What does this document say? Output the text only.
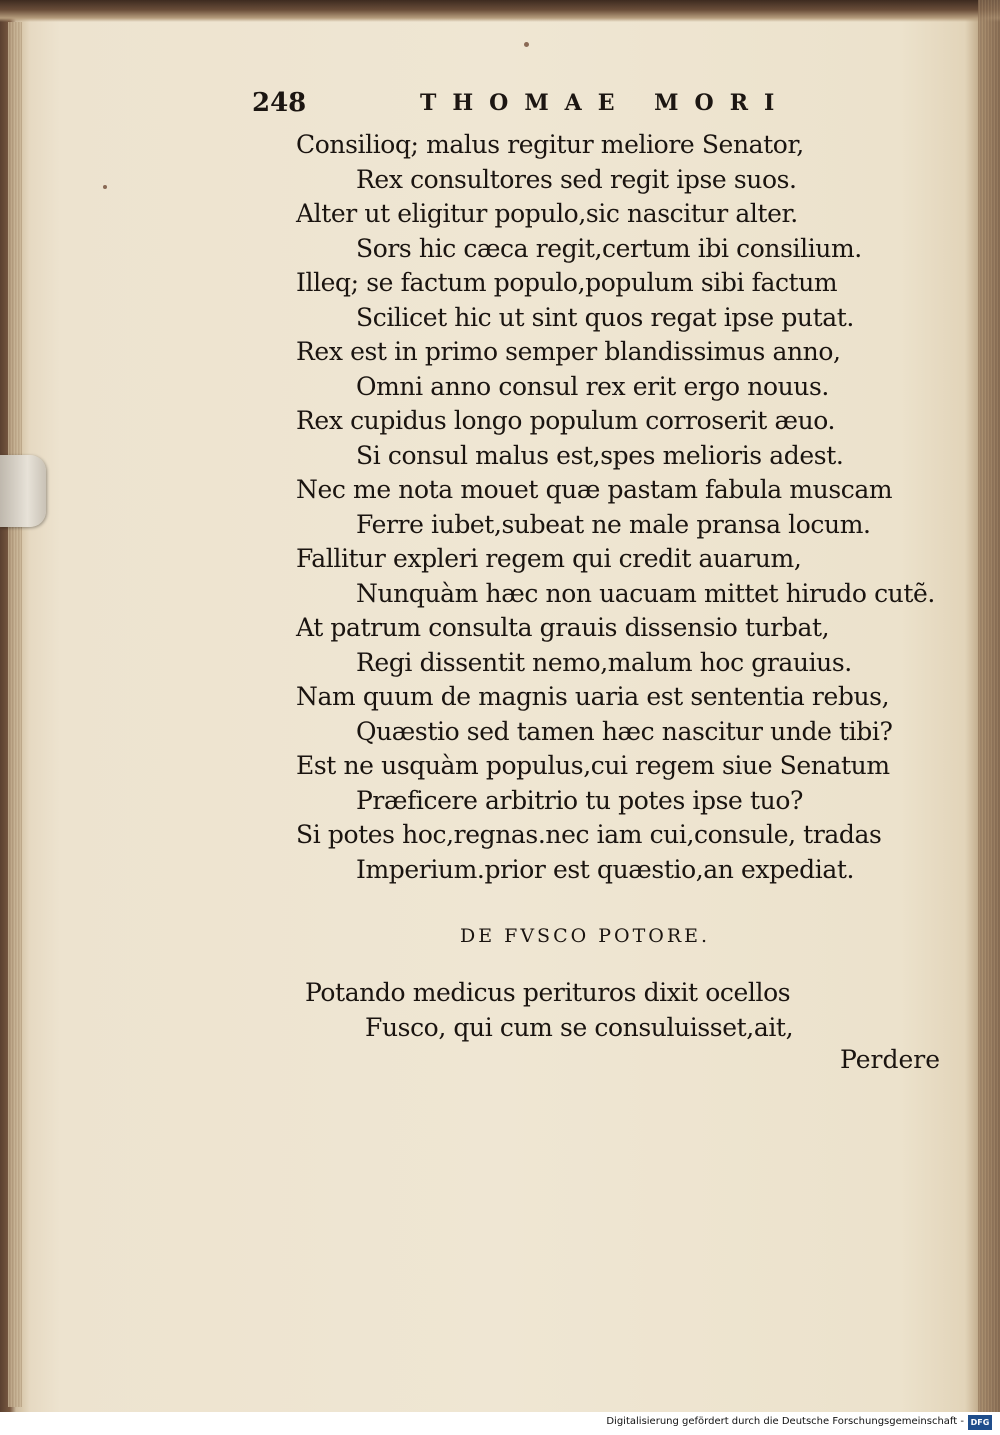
248	THOMAE MORI
Consilioq; malus regitur meliore Senator,
Rex consultores sed regit ipse suos.
Alter ut eligitur populo,sic nascitur alter.
Sors hic cæca regit,certum ibi consilium.
Illeq; se factum populo,populum sibi factum
Scilicet hic ut sint quos regat ipse putat.
Rex est in primo semper blandissimus anno,
Omni anno consul rex erit ergo nouus.
Rex cupidus longo populum corroserit æuo.
Si consul malus est,spes melioris adest.
Nec me nota mouet quæ pastam fabula muscam
Ferre iubet,subeat ne male pransa locum.
Fallitur expleri regem qui credit auarum,
Nunquàm hæc non uacuam mittet hirudo cutẽ.
At patrum consulta grauis dissensio turbat,
Regi dissentit nemo,malum hoc grauius.
Nam quum de magnis uaria est sententia rebus,
Quæstio sed tamen hæc nascitur unde tibi?
Est ne usquàm populus,cui regem siue Senatum
Præficere arbitrio tu potes ipse tuo?
Si potes hoc,regnas.nec iam cui,consule, tradas
Imperium.prior est quæstio,an expediat.
DE FVSCO POTORE.
Potando medicus perituros dixit ocellos
Fusco, qui cum se consuluisset,ait,
Perdere
Digitalisierung gefördert durch die Deutsche Forschungsgemeinschaft - DFG
